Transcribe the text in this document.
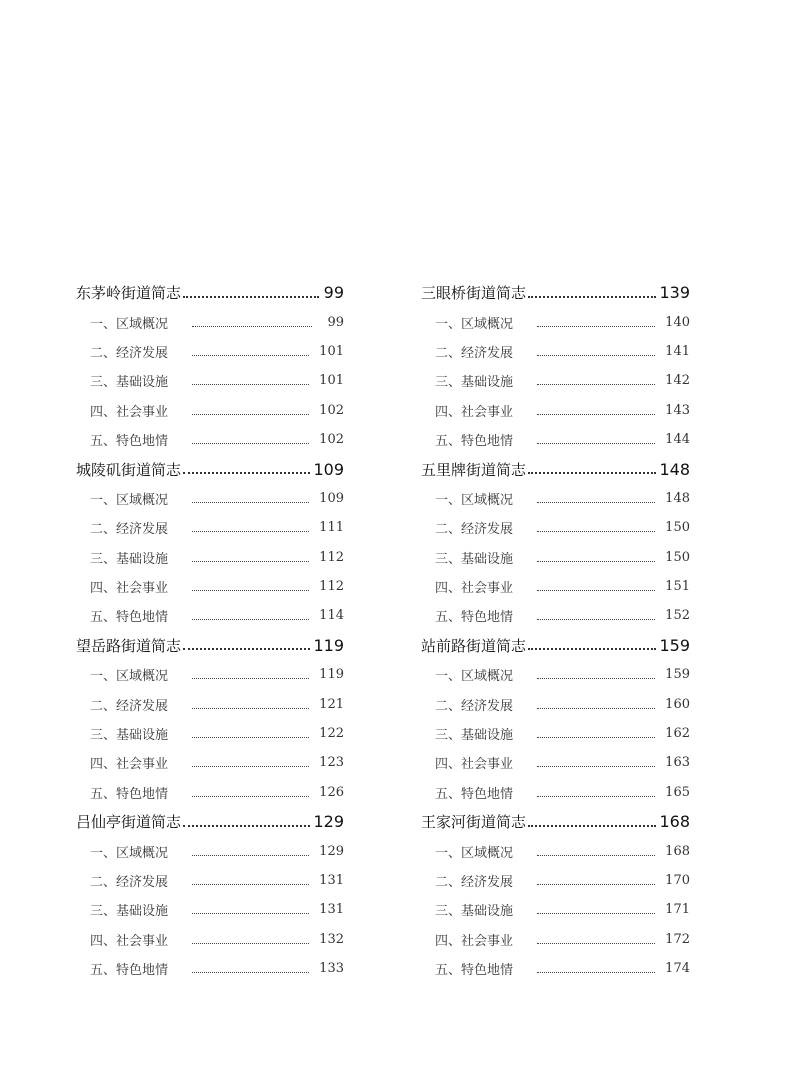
东茅岭街道简志	99
一、区域概况	99
二、经济发展	101
三、基础设施	101
四、社会事业	102
五、特色地情	102
城陵矶街道简志	109
一、区域概况	109
二、经济发展	111
三、基础设施	112
四、社会事业	112
五、特色地情	114
望岳路街道简志	119
一、区域概况	119
二、经济发展	121
三、基础设施	122
四、社会事业	123
五、特色地情	126
吕仙亭街道简志	129
一、区域概况	129
二、经济发展	131
三、基础设施	131
四、社会事业	132
五、特色地情	133
三眼桥街道简志	139
一、区域概况	140
二、经济发展	141
三、基础设施	142
四、社会事业	143
五、特色地情	144
五里牌街道简志	148
一、区域概况	148
二、经济发展	150
三、基础设施	150
四、社会事业	151
五、特色地情	152
站前路街道简志	159
一、区域概况	159
二、经济发展	160
三、基础设施	162
四、社会事业	163
五、特色地情	165
王家河街道简志	168
一、区域概况	168
二、经济发展	170
三、基础设施	171
四、社会事业	172
五、特色地情	174
